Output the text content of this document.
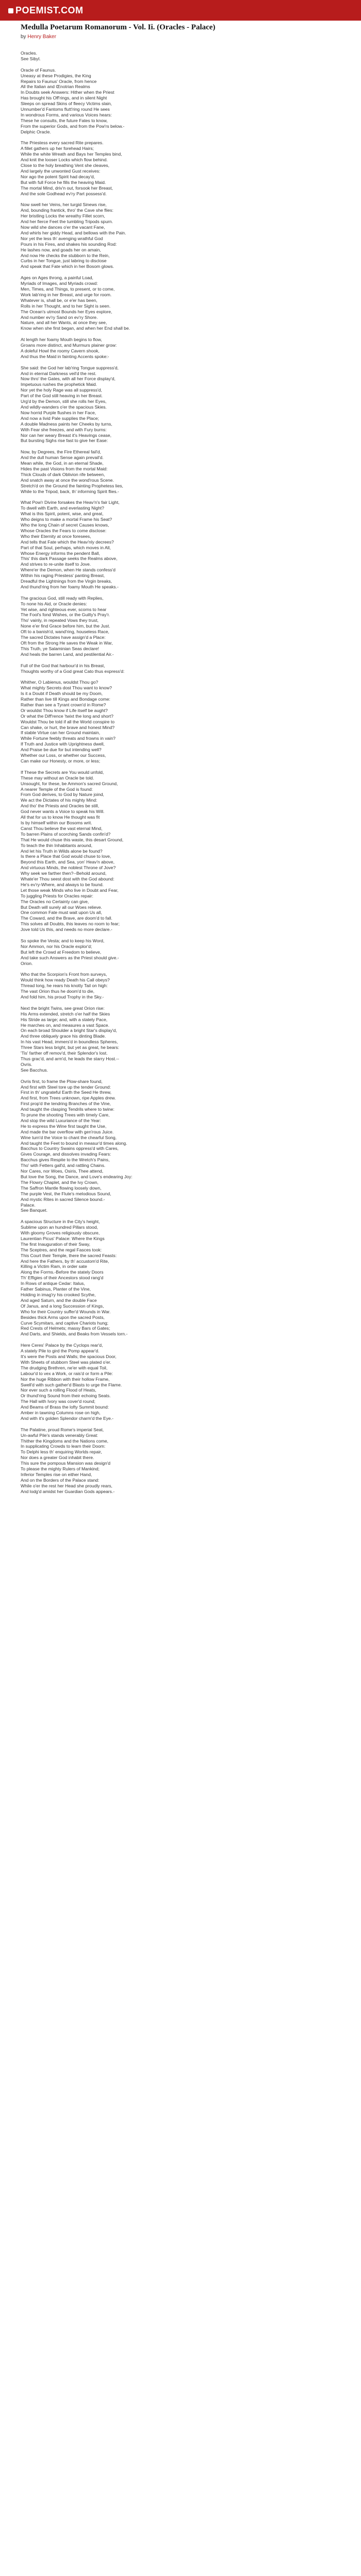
POEMIST.COM
Medulla Poetarum Romanorum - Vol. Ii. (Oracles - Palace)
by Henry Baker
Oracles.
See Sibyl.
Oracle of Faunus.
Uneasy at these Prodigies, the King
Repairs to Faunus' Oracle, from hence
All the Italian and Œnotrian Realms
In Doubts seek Answers: Hither when the Priest
Has brought his Off'rings, and in silent Night
Sleeps on spread Skins of fleecy Victims slain,
Unnumber'd Fantoms flutt'ring round He sees
In wondrous Forms, and various Voices hears:
These he consults, the future Fates to know,
From the superior Gods, and from the Pow'rs below.-
Delphic Oracle.
The Priestess every sacred Rite prepares.
A fillet gathers up her forehead Hairs;
While the white Wreath and Bays her Temples bind,
And knit the looser Locks which flow behind.
Close to the holy breathing Vent she cleaves,
And largely the unwonted Gust receives:
Nor ago the potent Spirit had decay'd,
But with full Force he fills the heaving Maid.
The mortal Mind, driv'n out, forsook her Breast,
And the sole Godhead ev'ry Part possess'd.
Now swell her Veins, her turgid Sinews rise,
And, bounding frantick, thro' the Cave she flies:
Her bristling Locks the wreathy Fillet scorn,
And her fierce Feet the tumbling Tripods spurn.
Now wild she dances o'er the vacant Fane,
And whirls her giddy Head, and bellows with the Pain.
Nor yet the less th' avenging wrathful God
Pours in his Fires, and shakes his sounding Rod:
He lashes now, and goads her on amain,
And now He checks the stubborn to the Rein,
Curbs in her Tongue, just labring to disclose
And speak that Fate which in her Bosom glows.
Ages on Ages throng, a painful Load,
Myriads of Images, and Myriads crowd:
Men, Times, and Things, to present, or to come,
Work lab'ring in her Breast, and urge for room.
Whatever is, shall be, or e'er has been,
Rolls in her Thought, and to her Sight is seen.
The Ocean's utmost Bounds her Eyes explore,
And number ev'ry Sand on ev'ry Shore.
Nature, and all her Wants, at once they see,
Know when she first began, and when her End shall be.
At length her foamy Mouth begins to flow,
Groans more distinct, and Murmurs plainer grow:
A doleful Howl the roomy Cavern shook,
And thus the Maid in fainting Accents spoke:-
She said: the God her lab'ring Tongue suppress'd,
And in eternal Darkness veil'd the rest.
Now thro' the Gates, with all her Force display'd,
Impetuous rushes the prophetick Maid.
Nor yet the holy Rage was all suppress'd,
Part of the God still heaving in her Breast.
Urg'd by the Demon, still she rolls her Eyes,
And wildly-wanders o'er the spacious Skies.
Now horrid Purple flushes in her Face,
And now a livid Pale supplies the Place;
A double Madness paints her Cheeks by turns,
With Fear she freezes, and with Fury burns:
Nor can her weary Breast it's Heavings cease,
But bursting Sighs rise fast to give her Ease:
Now, by Degrees, the Fire Ethereal fail'd,
And the dull human Sense again prevail'd.
Mean while, the God, in an eternal Shade,
Hides the past Visions from the mortal Maid:
Thick Clouds of dark Oblivion rife between,
And snatch away at once the wond'rous Scene.
Stretch'd on the Ground the fainting Prophetess lies,
While to the Tripod, back, th' informing Spirit flies.-
What Pow'r Divine forsakes the Heav'n's fair Light,
To dwell with Earth, and everlasting Night?
What is this Spirit, potent, wise, and great,
Who deigns to make a mortal Frame his Seat?
Who the long Chain of secret Causes knows,
Whose Oracles the Fears to come disclose:
Who their Eternity at once foresees,
And tells that Fate which the Heav'nly decrees?
Part of that Soul, perhaps, which moves in All,
Whose Energy informs the pendent Ball,
This' this dark Passage seeks the Realms above,
And strives to re-unite itself to Jove.
Where'er the Demon, when He stands confess'd
Within his raging Priestess' panting Breast,
Dreadful the Lightnings from the Virgin breaks,
And thund'ring from her foamy Mouth He speaks.-
The gracious God, still ready with Replies,
To none his Aid, or Oracle denies:
Yet wise, and righteous ever, scorns to hear
The Fool's fond Wishes, or the Guilty's Pray'r.
Tho' vainly, in repeated Vows they trust,
None e'er find Grace before him, but the Just.
Oft to a banish'd, wand'ring, houseless Race,
The sacred Dictates have assign'd a Place:
Oft from the Strong He saves the Weak in War,
This Truth, ye Salaminian Seas declare!
And heals the barren Land, and pestilential Air.-
Full of the God that harbour'd in his Breast,
Thoughts worthy of a God great Cato thus express'd:
Whither, O Labienus, wouldst Thou go?
What mighty Secrets dost Thou want to know?
Is it a Doubt if Death should be my Doom,
Rather than live till Kings and Bondage come:
Rather than see a Tyrant crown'd in Rome?
Or wouldst Thou know if Life itself be aught?
Or what the Diff'rence 'twixt the long and short?
Wouldst Thou be told if all the World conspire to
Can shake, or hurt, the brave and honest Mind?
If stable Virtue can her Ground maintain,
While Fortune feebly threats and frowns in vain?
If Truth and Justice with Uprightness dwell,
And Praise be due for but intending well?
Whether our Loss, or whether our Success,
Can make our Honesty, or more, or less;
If These the Secrets are You would unfold,
These may without an Oracle be told.
Unsought, for these, be Ammon's sacred Ground,
A nearer Temple of the God is found:
From God derives, to God by Nature joind,
We act the Dictates of his mighty Mind:
And tho' the Priests and Oracles be still,
God never wants a Voice to speak his Will.
All that for us to know He thought was fit
Is by himself within our Bosoms writ.
Canst Thou believe the vast eternal Mind,
To barren Plains of scorching Sands confin'd?
That He would chuse this waste, this desart Ground,
To teach the thin Inhabitants around,
And let his Truth in Wilds alone be found?
Is there a Place that God would chuse to love,
Beyond this Earth, and Sea, yon' Heav'n above,
And virtuous Minds, the noblest Throne of Jove?
Why seek we farther then?--Behold around,
Whate'er Thou seest dost with the God abound:
He's ev'ry-Where, and always to be found.
Let those weak Minds who live in Doubt and Fear,
To juggling Priests for Oracles repair:
The Oracles no Certainty can give,
But Death will surely all our Woes relieve.
One common Fate must wait upon Us all,
The Coward, and the Brave, are doom'd to fall.
This solves all Doubts, this leaves no room to fear;
Jove told Us this, and needs no more declare.-
So spoke the Vesta; and to keep his Word,
Nor Ammon, nor his Oracle explor'd;
But left the Crowd at Freedom to believe,
And take such Answers as the Priest should give.-
Orion.
Who that the Scorpion's Front from surveys,
Would think how ready Death his Call obeys?
Thread long, he rears his knotty Tail on high:
The vast Orion thus he doom'd to die,
And fold him, his proud Trophy in the Sky.-
Next the bright Twins, see great Orion rise:
His Arms extended, stretch o'er half the Skies
His Stride as large; and, with a stately Pace,
He marches on, and measures a vast Space.
On each broad Shoulder a bright Star's display'd,
And three obliquely grace his dinting Blade.
In his vast Head, immers'd in boundless Spheres,
Three Stars less bright, but yet as great, he bears:
'Tis' farther off remov'd, their Splendor's lost.
Thus grac'd, and arm'd, he leads the starry Host.--
Ovris.
See Bacchus.
Ovris first, to frame the Plow-share found,
And first with Steel tore up the tender Ground:
First in th' ungrateful Earth the Seed He threw,
And first, from Trees unknown, ripe Apples drew.
First prop'd the tendring Branches of the Vine,
And taught the clasping Tendrils where to twine:
To prune the shooting Trees with timely Care,
And stop the wild Luxuriance of the Year:
He to express the Wine first taught the Use,
And made the bar overflow with gen'rous Juice.
Wine turn'd the Voice to chant the chearful Song,
And taught the Feet to bound in measur'd times along.
Bacchus to Country Swains oppress'd with Cares,
Gives Courage, and dissolves invading Fears:
Bacchus gives Respite to the Wretch's Pains,
Tho' with Fetters gall'd, and rattling Chains.
Nor Cares, nor Woes, Osiris, Thee attend,
But love the Song, the Dance, and Love's endearing Joy:
The Flowry Chaplet, and the Ivy Crown,
The Saffron Mantle flowing loosely down,
The purple Vest, the Flute's melodious Sound,
And mystic Rites in sacred Silence bound.-
Palace.
See Banquet.
A spacious Structure in the City's height,
Sublime upon an hundred Pillars stood,
With gloomy Groves religiously obscure,
Laurentian Picus' Palace: Where the Kings
The first Inauguration of their Sway,
The Sceptres, and the regal Fasces took:
This Court their Temple, there the sacred Feasts:
And here the Fathers, by th' accustom'd Rite,
Killing a Victim Ram, in order sate
Along the Forms.-Before the stately Doors
Th' Effigies of their Ancestors stood rang'd
In Rows of antique Cedar: Italus,
Father Sabinus, Planter of the Vine,
Holding in imag'ry his crooked Scythe,
And aged Saturn, and the double Face
Of Janus, and a long Succession of Kings,
Who for their Country suffer'd Wounds in War.
Besides thick Arms upon the sacred Posts,
Curve Scymitars, and captive Chariots hung;
Red Crests of Helmets; massy Bars of Gates;
And Darts, and Shields, and Beaks from Vessels torn.-
Here Ceres' Palace by the Cyclops rear'd,
A stately Pile to gird the Pomp appear'd.
It's were the Posts and Walls; the spacious Door,
With Sheets of stubborn Steel was plated o'er.
The drudging Brethren, ne'er with equal Toil,
Labour'd to vex a Work, or rais'd or form a Pile:
Nor the huge Ribbon with their hollow Frame,
Swell'd with such gather'd Blasts to urge the Flame.
Nor ever such a rolling Flood of Heats,
Or thund'ring Sound from their echoing Seats.
The Hall with Ivory was cover'd round;
And Beams of Brass the lofty Summit bound:
Amber in tawning Columns rose on high,
And with it's golden Splendor charm'd the Eye.-
The Palatine, proud Rome's imperial Seat,
Un-awful Pile's stands venerably Great:
Thither the Kingdoms and the Nations come,
In supplicating Crowds to learn their Doom:
To Delphi less th' enquiring Worlds repair,
Nor does a greater God inhabit there.
This sure the pompous Mansion was design'd
To please the mighty Rulers of Mankind;
Inferior Temples rise on either Hand,
And on the Borders of the Palace stand:
While o'er the rest her Head she proudly rears,
And lodg'd amidst her Guardian Gods appears.-
